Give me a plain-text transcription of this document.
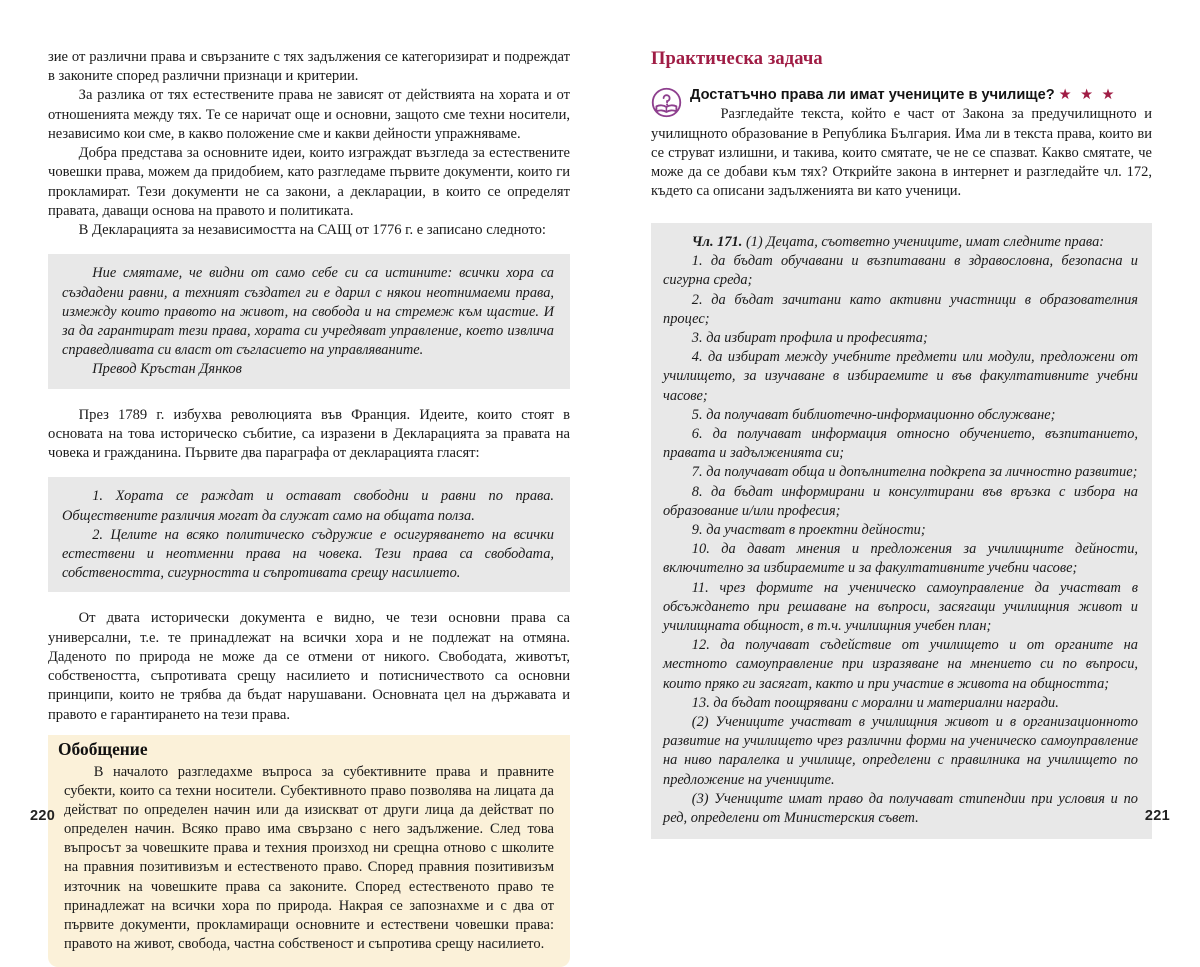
зие от различни права и свързаните с тях задължения се категоризират и подреждат в законите според различни признаци и критерии.

За разлика от тях естествените права не зависят от действията на хората и от отношенията между тях. Те се наричат още и основни, защото сме техни носители, независимо кои сме, в какво положение сме и какви дейности упражняваме.

Добра представа за основните идеи, които изграждат възгледа за естествените човешки права, можем да придобием, като разгледаме първите документи, които ги прокламират. Тези документи не са закони, а декларации, в които се определят правата, даващи основа на правото и политиката.

В Декларацията за независимостта на САЩ от 1776 г. е записано следното:

Ние смятаме, че видни от само себе си са истините: всички хора са създадени равни, а техният създател ги е дарил с някои неотнимаеми права, измежду които правото на живот, на свобода и на стремеж към щастие. И за да гарантират тези права, хората си учредяват управление, което извлича справедливата си власт от съгласието на управляваните.

Превод Кръстан Дянков

През 1789 г. избухва революцията във Франция. Идеите, които стоят в основата на това историческо събитие, са изразени в Декларацията за правата на човека и гражданина. Първите два параграфа от декларацията гласят:

1. Хората се раждат и остават свободни и равни по права. Обществените различия могат да служат само на общата полза.

2. Целите на всяко политическо съдружие е осигуряването на всички естествени и неотменни права на човека. Тези права са свободата, собствеността, сигурността и съпротивата срещу насилието.

От двата исторически документа е видно, че тези основни права са универсални, т.е. те принадлежат на всички хора и не подлежат на отмяна. Даденото по природа не може да се отмени от никого. Свободата, животът, собствеността, съпротивата срещу насилието и потисничеството са основни принципи, които не трябва да бъдат нарушавани. Основната цел на държавата и правото е гарантирането на тези права.

Обобщение

В началото разгледахме въпроса за субективните права и правните субекти, които са техни носители. Субективното право позволява на лицата да действат по определен начин или да изискват от други лица да действат по определен начин. Всяко право има свързано с него задължение. След това въпросът за човешките права и техния произход ни срещна отново с школите на правния позитивизъм и естественото право. Според правния позитивизъм източник на човешките права са законите. Според естественото право те принадлежат на всички хора по природа. Накрая се запознахме и с два от първите документи, прокламиращи основните и естествени човешки права: правото на живот, свобода, частна собственост и съпротива срещу насилието.

220
Практическа задача
Достатъчно права ли имат учениците в училище? ★ ★ ★

Разгледайте текста, който е част от Закона за предучилищното и училищното образование в Република България. Има ли в текста права, които ви се струват излишни, и такива, които смятате, че не се спазват. Какво смятате, че може да се добави към тях? Открийте закона в интернет и разгледайте чл. 172, където са описани задълженията ви като ученици.

Чл. 171. (1) Децата, съответно учениците, имат следните права:

1. да бъдат обучавани и възпитавани в здравословна, безопасна и сигурна среда;

2. да бъдат зачитани като активни участници в образователния процес;

3. да избират профила и професията;

4. да избират между учебните предмети или модули, предложени от училището, за изучаване в избираемите и във факултативните учебни часове;

5. да получават библиотечно-информационно обслужване;

6. да получават информация относно обучението, възпитанието, правата и задълженията си;

7. да получават обща и допълнителна подкрепа за личностно развитие;

8. да бъдат информирани и консултирани във връзка с избора на образование и/или професия;

9. да участват в проектни дейности;

10. да дават мнения и предложения за училищните дейности, включително за избираемите и за факултативните учебни часове;

11. чрез формите на ученическо самоуправление да участват в обсъждането при решаване на въпроси, засягащи училищния живот и училищната общност, в т.ч. училищния учебен план;

12. да получават съдействие от училището и от органите на местното самоуправление при изразяване на мнението си по въпроси, които пряко ги засягат, както и при участие в живота на общността;

13. да бъдат поощрявани с морални и материални награди.

(2) Учениците участват в училищния живот и в организационното развитие на училището чрез различни форми на ученическо самоуправление на ниво паралелка и училище, определени с правилника на училището по предложение на учениците.

(3) Учениците имат право да получават стипендии при условия и по ред, определени от Министерския съвет.	221
